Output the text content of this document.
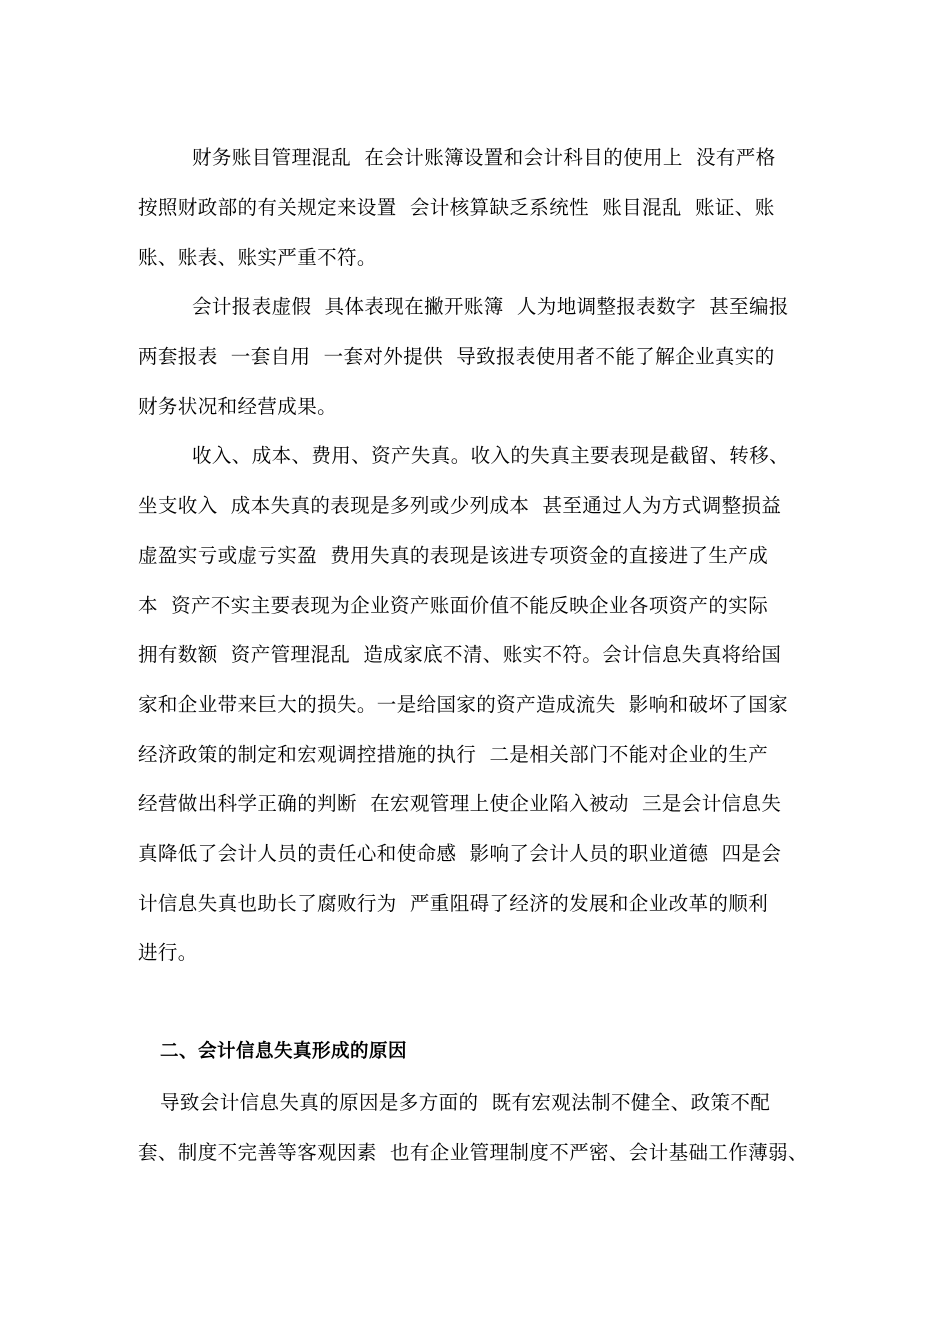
财务账目管理混乱  在会计账簿设置和会计科目的使用上  没有严格
按照财政部的有关规定来设置  会计核算缺乏系统性  账目混乱  账证、账
账、账表、账实严重不符。
会计报表虚假  具体表现在撇开账簿  人为地调整报表数字  甚至编报
两套报表  一套自用  一套对外提供  导致报表使用者不能了解企业真实的
财务状况和经营成果。
收入、成本、费用、资产失真。收入的失真主要表现是截留、转移、
坐支收入  成本失真的表现是多列或少列成本  甚至通过人为方式调整损益
虚盈实亏或虚亏实盈  费用失真的表现是该进专项资金的直接进了生产成
本  资产不实主要表现为企业资产账面价值不能反映企业各项资产的实际
拥有数额  资产管理混乱  造成家底不清、账实不符。会计信息失真将给国
家和企业带来巨大的损失。一是给国家的资产造成流失  影响和破坏了国家
经济政策的制定和宏观调控措施的执行  二是相关部门不能对企业的生产
经营做出科学正确的判断  在宏观管理上使企业陷入被动  三是会计信息失
真降低了会计人员的责任心和使命感  影响了会计人员的职业道德  四是会
计信息失真也助长了腐败行为  严重阻碍了经济的发展和企业改革的顺利
进行。
二、会计信息失真形成的原因
导致会计信息失真的原因是多方面的  既有宏观法制不健全、政策不配
套、制度不完善等客观因素  也有企业管理制度不严密、会计基础工作薄弱、
